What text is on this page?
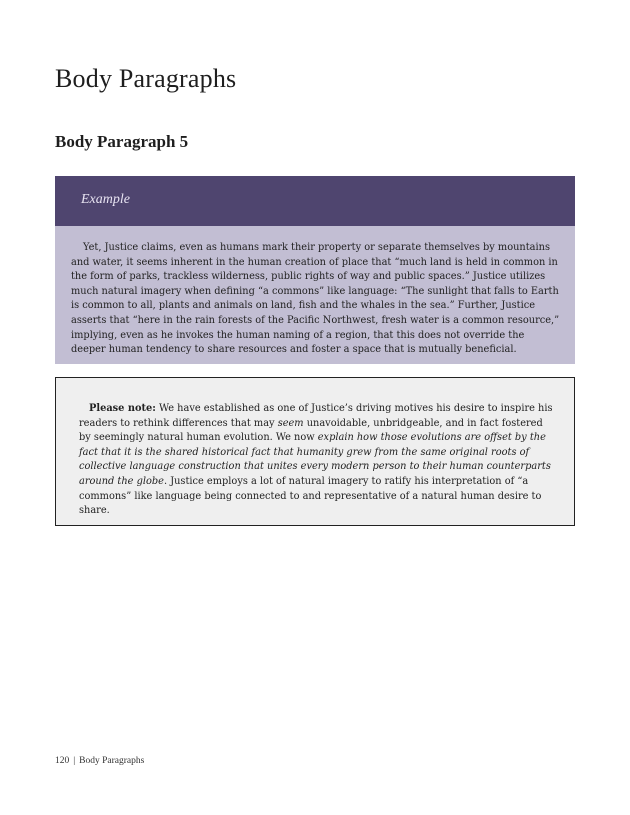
Body Paragraphs
Body Paragraph 5
Example

Yet, Justice claims, even as humans mark their property or separate themselves by mountains and water, it seems inherent in the human creation of place that “much land is held in common in the form of parks, trackless wilderness, public rights of way and public spaces.” Justice utilizes much natural imagery when defining “a commons” like language: “The sunlight that falls to Earth is common to all, plants and animals on land, fish and the whales in the sea.” Further, Justice asserts that “here in the rain forests of the Pacific Northwest, fresh water is a common resource,” implying, even as he invokes the human naming of a region, that this does not override the deeper human tendency to share resources and foster a space that is mutually beneficial.

Please note: We have established as one of Justice’s driving motives his desire to inspire his readers to rethink differences that may seem unavoidable, unbridgeable, and in fact fostered by seemingly natural human evolution. We now explain how those evolutions are offset by the fact that it is the shared historical fact that humanity grew from the same original roots of collective language construction that unites every modern person to their human counterparts around the globe. Justice employs a lot of natural imagery to ratify his interpretation of “a commons” like language being connected to and representative of a natural human desire to share.

120 | Body Paragraphs
